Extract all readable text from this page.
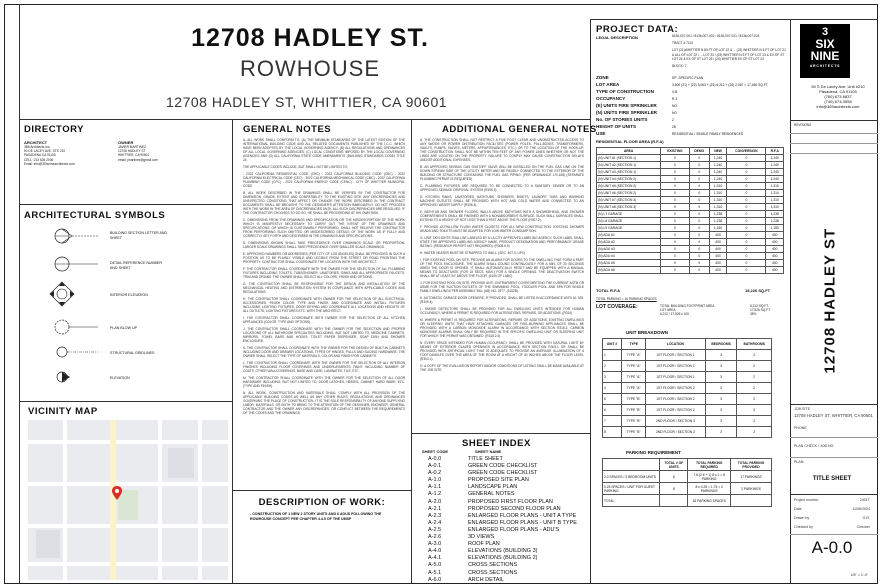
12708 HADLEY ST.
ROWHOUSE
12708 HADLEY ST, WHITTIER, CA 90601
DIRECTORY
ARCHITECT
3B6 Architects Inc.
50 DE LACEY AVE. STE 210
PASADENA CA 91105
CELL: 213 605 2006
Email: info@3Sixninearchitects.com
OWNER
JAVIER MARTINEZ
12708 HADLEY ST
WHITTIER, CA 90601
email: jmartinez@gmail.com
ARCHITECTURAL SYMBOLS
BUILDING SECTION LETTER AND SHEET
DETAIL REFERENCE NUMBER AND SHEET
INTERIOR ELEVATION
PLAN BLOW UP
STRUCTURAL GRIDLINES
ELEVATION
VICINITY MAP
GENERAL NOTES
A. ALL WORK SHALL CONFORM TO: (A) THE MINIMUM STANDARDS OF THE LATEST EDITION OF THE INTERNATIONAL BUILDING CODE AND ALL RELATED DOCUMENTS PUBLISHED BY THE I.C.C. WHICH HAVE BEEN ADOPTED BY THE LOCAL GOVERNING AGENCY; (B) ALL REGULATIONS AND ORDINANCES OF ALL LOCAL GOVERNING AGENCIES; (C) LOCAL CONDITIONS IMPOSED BY THE LOCAL GOVERNING AGENCIES AND (D) ALL CALIFORNIA STATE CODE AMENDMENTS (BUILDING STANDARDS CODE) TITLE 24.
THE APPLICABLE CODES INCLUDE, BUT SHALL NOT BE LIMITED TO:
- 2022 CALIFORNIA RESIDENTIAL CODE (CRC) - 2022 CALIFORNIA BUILDING CODE (CBC) - 2022 CALIFORNIA ELECTRICAL CODE (CEC) - 2022 CALIFORNIA MECHANICAL CODE (CMC) - 2022 CALIFORNIA PLUMBING CODE (CPC) - 2022 CALIFORNIA ENERGY CODE (CENC) - CITY OF WHITTIER MUNICIPAL CODE
B. ALL WORK DESCRIBED IN THE DRAWINGS SHALL BE VERIFIED BY THE CONTRACTOR FOR DIMENSION, GRADE, EXTENT AND COMPATIBILITY TO THE EXISTING SITE. ANY DISCREPANCIES AND UNEXPECTED CONDITIONS THAT AFFECT OR CHANGE THE WORK DESCRIBED IN THE CONTRACT DOCUMENTS SHALL BE BROUGHT TO THE DESIGNER'S ATTENTION IMMEDIATELY. DO NOT PROCEED WITH THE WORK IN THE AREA OF DISCREPANCIES UNTIL ALL SUCH DISCREPANCIES ARE RESOLVED. IF THE CONTRACTOR CHOOSES TO DO SO, HE SHALL BE PROCEEDING AT HIS OWN RISK.
C. DIMENSIONS FROM THE DRAWINGS AND SPECIFICATION OR THE MISDESCRIPTION OF THE WORK WHICH IS MANIFESTLY NECESSARY TO CARRY OUT THE INTENT OF THE DRAWINGS AND SPECIFICATIONS, OR WHICH IS CUSTOMARILY PERFORMED, SHALL NOT RELIEVE THE CONTRACTOR FROM PERFORMING SUCH OMITTED OR MISDESCRIBED DETAILS OF THE WORK AS IF FULLY AND CORRECTLY SET FORTH AND DESCRIBED IN THE DRAWINGS AND SPECIFICATIONS.
D. DIMENSIONS SHOWN SHALL TAKE PRECEDENCE OVER DRAWINGS SCALE OR PROPORTION. LARGER SCALE DRAWINGS SHALL TAKE PRECEDENCE OVER SMALLER SCALE DRAWINGS.
E. APPROVED NUMBERS OR ADDRESSES (PER CITY OF LOS ANGELES) SHALL BE PROVIDED IN SUCH A POSITION AS TO BE PLAINLY VISIBLE AND LEGIBLE FROM THE STREET OR ROAD FRONTING THE PROPERTY. CONTRACTOR SHALL COORDINATE THE LOCATION WITH THE ARCHITECT.
F. THE CONTRACTOR SHALL COORDINATE WITH THE OWNER FOR THE SELECTION OF ALL PLUMBING FIXTURES INCLUDING TOILETS, TUBS/SHOWER, LAVATORIES, SINKS AND ALL APPROPRIATE FAUCETS, TRIM AND DRAINS. THE OWNER SHALL SELECT ALL COLORS, FINISH AND OPTIONS.
G. THE CONTRACTOR SHALL BE RESPONSIBLE FOR THE DESIGN AND INSTALLATION OF THE MECHANICAL HEATING AND DISTRIBUTION SYSTEM IN COMPLIANCE WITH APPLICABLE CODES AND REGULATIONS.
H. THE CONTRACTOR SHALL COORDINATE WITH OWNER FOR THE SELECTION OF ALL ELECTRICAL ACCESSORIES, FINISH COLOR, TYPE AND FINISH, AND COORDINATE AND INSTALL FIXTURES INCLUDING LIGHTING FIXTURES, DOOR KEYPAD AND COORDINATE ALL LOCATIONS AND HEIGHTS OF ALL OUTLETS, LIGHTING FIXTURES ETC. WITH THE ARCHITECT.
I. THE CONTRACTOR SHALL COORDINATE WITH OWNER FOR THE SELECTION OF ALL KITCHEN APPLIANCES (COLOR, TYPE AND OPTIONS).
J. THE CONTRACTOR SHALL COORDINATE WITH THE OWNER FOR THE SELECTION AND PROPER LOCATIONS OF ALL BATHROOM SPECIALTIES INCLUDING, BUT NOT LIMITED TO, MEDICINE CABINETS, MIRRORS, TOWEL BARS AND HOOKS, TOILET PAPER DISPENSER, SOAP DISH AND SHOWER ENCLOSURE.
K. THE CONTRACTOR SHALL COORDINATE WITH THE OWNER FOR THE DESIGN OF BUILT-IN CABINETS INCLUDING DOOR AND DRAWER LOCATIONS, TYPES OF HINGES, PULLS AND SLIDING HARDWARE. THE OWNER SHALL SELECT THE TYPE OF MATERIALS, COLOR AND FINISH FOR CABINETS.
L. THE CONTRACTOR SHALL COORDINATE WITH THE OWNER FOR THE SELECTION OF ALL INTERIOR FINISHES INCLUDING FLOOR COVERINGS AND UNDERLAYMENTS, PAINT, INCLUDING NUMBER OF COATS, OTHER WALLCOVERINGS, BASE AND CASE, LAMINATES, TILE, ETC.
M. THE CONTRACTOR SHALL COORDINATE WITH THE OWNER FOR THE SELECTION OF ALL DOOR HARDWARE INCLUDING, BUT NOT LIMITED TO, DOOR LATCHES, HINGES, CABINET HARD WARE, ETC. (TYPE AND FINISH).
N. ALL WORK, CONSTRUCTION AND MATERIALS SHALL COMPLY WITH ALL PROVISION OF THE APPLICABLE BUILDING CODES AS WELL AS ANY OTHER RULES, REGULATIONS, AND ORDINANCES GOVERNING THE PLACE OF CONSTRUCTION. IT IS THE SOLE RESPONSIBILITY OF ANYONE SUPPLYING LABOR, MATERIALS, OR BOTH TO BRING TO THE ATTENTION OF THE DESIGNER, ENGINEER, GENERAL CONTRACTOR AND THE OWNER ANY DISCREPANCIES, OR CONFLICT BETWEEN THE REQUIREMENTS OF THE CODES AND THE DRAWINGS.
DESCRIPTION OF WORK:
- CONSTRUCTION OF 1 NEW 2 STORY UNITS AND 6 ADUS FOLLOWING THE ROWHOUSE CONCEPT PER CHAPTER 4.4.5 OF THE UMSP
ADDITIONAL GENERAL NOTES
A. THE CONSTRUCTION SHALL NOT RESTRICT A FIVE FOOT CLEAR AND UNOBSTRUCTED ACCESS TO ANY WATER OR POWER DISTRIBUTION FACILITIES (POWER POLES, PULL-BOXES, TRANSFORMERS, VAULTS, PUMPS, VALVES, METERS, APPURTENANCES, ETC.) OR TO THE LOCATION OF THE HOOK-UP. THE CONSTRUCTION SHALL NOT BE WITHIN TEN FEET OF ANY POWER LINES WHETHER OR NOT THE LINES ARE LOCATED ON THE PROPERTY. FAILURE TO COMPLY MAY CAUSE CONSTRUCTION DELAYS AND/OR ADDITIONAL EXPENSES.
B. AN APPROVED SEISMIC GAS SHUTOFF VALVE WILL BE INSTALLED ON THE FUEL GAS LINE ON THE DOWN STREAM SIDE OF THE UTILITY METER AND BE RIGIDLY CONNECTED TO THE EXTERIOR OF THE BUILDING OR STRUCTURE CONTAINING THE FUEL GAS PIPING. (PER ORDINANCE 170,158) (SEPARATE PLUMBING PERMIT IS REQUIRED).
C. PLUMBING FIXTURES ARE REQUIRED TO BE CONNECTED TO A SANITARY SEWER OR TO AN APPROVED SEWAGE DISPOSAL SYSTEM (R306.3).
D. KITCHEN SINKS, LAVATORIES, BATHTUBS, SHOWERS, BIDETS, LAUNDRY TUBS AND WASHING MACHINE OUTLETS SHALL BE PROVIDED WITH HOT AND COLD WATER AND CONNECTED TO AN APPROVED WATER SUPPLY (R306.4).
E. BATHTUB AND SHOWER FLOORS, WALLS ABOVE BATHTUBS WITH A SHOWERHEAD, AND SHOWER COMPARTMENTS SHALL BE FINISHED WITH A NONABSORBENT SURFACE. SUCH WALL SURFACES SHALL EXTEND TO A HEIGHT OF NOT LESS THAN 6 FEET ABOVE THE FLOOR (R307.2).
F. PROVIDE ULTRA-LOW FLUSH WATER CLOSETS FOR ALL NEW CONSTRUCTION. EXISTING SHOWER HEADS AND TOILETS MUST BE ADAPTED FOR LOW WATER CONSUMPTION.
G. UNIT SKYLIGHTS SHALL BE LABELED BY A LA CITY APPROVED LABELING AGENCY. SUCH LABEL SHALL STATE THE APPROVED LABELING AGENCY NAME, PRODUCT DESIGNATION AND PERFORMANCE GRADE RATING. (RESEARCH REPORT NOT REQUIRED). (R308.6.9)
H. WATER HEATER MUST BE STRAPPED TO WALL. (SEC. 507.3, UPC)
I. FOR EXISTING POOL ON SITE, PROVIDE AN ALARM FOR DOORS TO THE DWELLING THAT FORM A PART OF THE POOL ENCLOSURE. THE ALARM SHALL SOUND CONTINUOUSLY FOR A MIN. OF 30 SECONDS WHEN THE DOOR IS OPENED. IT SHALL AUTOMATICALLY RESET AND BE EQUIPPED WITH A MANUAL MEANS TO DEACTIVATE (FOR 15 SECS. MAX.) FOR A SINGLE OPENING. THE DEACTIVATION SWITCH SHALL BE AT LEAST 54" ABOVE THE FLOOR. (6109 OF LABC)
J. FOR EXISTING POOL ON SITE, PROVIDE ANTI- ENTRAPMENT COVER MEETING THE CURRENT ASTM OR ASME FOR THE SUCTION OUTLETS OF THE SWIMMING POOL, TODDLER POOL AND SPA FOR SINGLE FAMILY DWELLINGS PER ASSEMBLY BILL (AB) NO. 2977. (3162B)
K. AUTOMATIC GARAGE DOOR OPENERS, IF PROVIDED, SHALL BE LISTED IN ACCORDANCE WITH UL 325. (R309.4)
L. SMOKE DETECTORS SHALL BE PROVIDED FOR ALL DWELLING UNITS INTENDED FOR HUMAN OCCUPANCY, WHERE A PERMIT IS REQUIRED FOR ALTERATIONS, REPAIRS, OR ADDITIONS. (R314)
M. WHERE A PERMIT IS REQUIRED FOR ALTERATIONS, REPAIRS OR ADDITIONS, EXISTING DWELLINGS OR SLEEPING UNITS THAT HAVE ATTACHED GARAGES OR FUEL-BURNING APPLIANCES SHALL BE PROVIDED WITH A CARBON MONOXIDE ALARM IN ACCORDANCE WITH SECTION R315.2. CARBON MONOXIDE ALARMS SHALL ONLY BE REQUIRED IN THE SPECIFIC DWELLING UNIT OR SLEEPING UNIT FOR WHICH THE PERMIT WAS OBTAINED. (R315.2.6)
N. EVERY SPACE INTENDED FOR HUMAN OCCUPANCY SHALL BE PROVIDED WITH NATURAL LIGHT BY MEANS OF EXTERIOR GLAZED OPENINGS IN ACCORDANCE WITH SECTION R303.1 OR SHALL BE PROVIDED WITH ARTIFICIAL LIGHT THAT IS ADEQUATE TO PROVIDE AN AVERAGE ILLUMINATION OF 6 FOOTCANDLES OVER THE AREA OF THE ROOM AT A HEIGHT OF 30 INCHES ABOVE THE FLOOR LEVEL (R303.1).
O. A COPY OF THE EVALUATION REPORT AND/OR CONDITIONS OF LISTING SHALL BE MADE AVAILABLE AT THE JOB SITE.
SHEET INDEX
SHEET CODE	SHEET NAME
A-0.0	TITLE SHEET
A-0.1	GREEN CODE CHECKLIST
A-0.2	GREEN CODE CHECKLIST
A-1.0	PROPOSED SITE PLAN
A-1.1	LANDSCAPE PLAN
A-1.2	GENERAL NOTES
A-2.0	PROPOSED FIRST FLOOR PLAN
A-2.1	PROPOSED SECOND FLOOR PLAN
A-2.3	ENLARGED FLOOR PLANS - UNIT A TYPE
A-2.4	ENLARGED FLOOR PLANS - UNIT B TYPE
A-2.5	ENLARGED FLOOR PLANS - ADU'S
A-2.6	3D VIEWS
A-3.0	ROOF PLAN
A-4.0	ELEVATIONS (BUILDING 3)
A-4.1	ELEVATIONS (BUILDING 2)
A-5.0	CROSS SECTIONS
A-5.1	CROSS SECTIONS
A-6.0	ARCH DETAIL
PROJECT DATA:
LEGAL DESCRIPTION	8136-007-001 / 8136-007-002 / 8136-007-021 / 8136-007-024
TRACT # 7110
LOT (21)WHITTIER N 80 FT OF LOT 22 & ... (22) WHITTIER N 5 FT OF LOT 21 & ALL OF LOT 22 / ... LOT 23 / (23) WHITTIER N 5 FT OF LOT 23 & EX OF ST LOT 24 & EX OF ST LOT 25 / (24) WHITTIER EX OF ST LOT 24
BLOCK: 7
ZONE	SP- SPECIFIC PLAN
LOT AREA	3,500 (21) + (22) 3,063 + (23) 6,212 + (24) 2,067 = 17,460 SQ.FT.
TYPE OF CONSTRUCTION	V-B
OCCUPANCY	R-3
(E) UNITS FIRE SPRINKLER	NO
(N) UNITS FIRE SPRINKLER	NO
No. OF STORIES UNITS	2
HEIGHT OF UNITS	28'
USE	RESIDENTIAL / SINGLE FAMILY RESIDENCES
RESIDENTIAL FLOOR AREA (R.F.A)
AREA	EXISTING	DEMO	NEW	CONVERSION	R.F.A
(N) UNIT #1 (SECTION 1)	0	0	1,240	0	1,240
(N) UNIT #2 (SECTION 1)	0	0	1,240	0	1,240
(N) UNIT #3 (SECTION 1)	0	0	1,240	0	1,240
(N) UNIT #4 (SECTION 2)	0	0	1,240	0	1,240
(N) UNIT #5 (SECTION 2)	0	0	1,310	0	1,310
(N) UNIT #6 (SECTION 2)	0	0	1,310	0	1,310
(N) UNIT #7 (SECTION 3)	0	0	1,310	0	1,310
(N) UNIT #8 (SECTION 3)	0	0	1,310	0	1,310
(N) L7 GARAGE	0	0	1,238	0	1,238
(N) L8 GARAGE	0	0	1,238	0	1,238
(N) L9 GARAGE	0	0	1,150	0	1,150
(N) ADU #1	0	0	400	0	400
(N) ADU #2	0	0	400	0	400
(N) ADU #3	0	0	400	0	400
(N) ADU #4	0	0	400	0	400
(N) ADU #5	0	0	400	0	400
(N) ADU #6	0	0	400	0	400
TOTAL R.F.A	15,226 SQ.FT
TOTAL PARKING = 16 PARKING SPACES
LOT COVERAGE:	TOTAL BUILDING FOOTPRINT AREA
LOT AREA
6,212 / 17,526 x 100
6,212 SQ.FT.
17,526 SQ.FT.
35%
UNIT BREAKDOWN
UNIT #	TYPE	LOCATION	BEDROOMS	BATHROOMS
1	TYPE "A"	1ST FLOOR / SECTION 1	3	2
2	TYPE "A"	1ST FLOOR / SECTION 1	3	2
3	TYPE "A"	1ST FLOOR / SECTION 1	3	2
4	TYPE "A"	1ST FLOOR / SECTION 2	3	2
5	TYPE "B"	1ST FLOOR / SECTION 2	3	2
6	TYPE "B"	1ST FLOOR / SECTION 2	3	2
7	TYPE "B"	2ND FLOOR / SECTION 3	3	2
8	TYPE "B"	2ND FLOOR / SECTION 3	3	2
PARKING REQUIREMENT
	TOTAL # OF UNITS	TOTAL PARKING REQUIRED	TOTAL PARKING PROVIDED
2.0 SPACES / 3 BEDROOM UNITS	8	7.6 (2.6 + 1) 8 x 1 = 8 PARKING	17 PARKINGS
0.25 SPACES / UNIT FOR GUEST PARKING	8	8 x 0.25 = 1.75 = 2 PARKINGS	2 PARKINGS
TOTAL		16 PARKING SPACES	
3
SIX
NINE
ARCHITECTS
50 S De Lacey Ave. Unit #210
Pasadena, CA 91105
(760) 673-6837
(740) 673-3555
info@369architects.com
REVISIONS
12708 HADLEY ST
JOB SITE
12708 HADLEY ST, WHITTIER, CA 90601
PHONE
PLAN CHECK / JOB NO.
PLAN:
TITLE SHEET
Project number	2401T
Date	11/06/2024
Drawn by	G.R.
Checked by	Checker
A-0.0
1/8" = 1'-0"
